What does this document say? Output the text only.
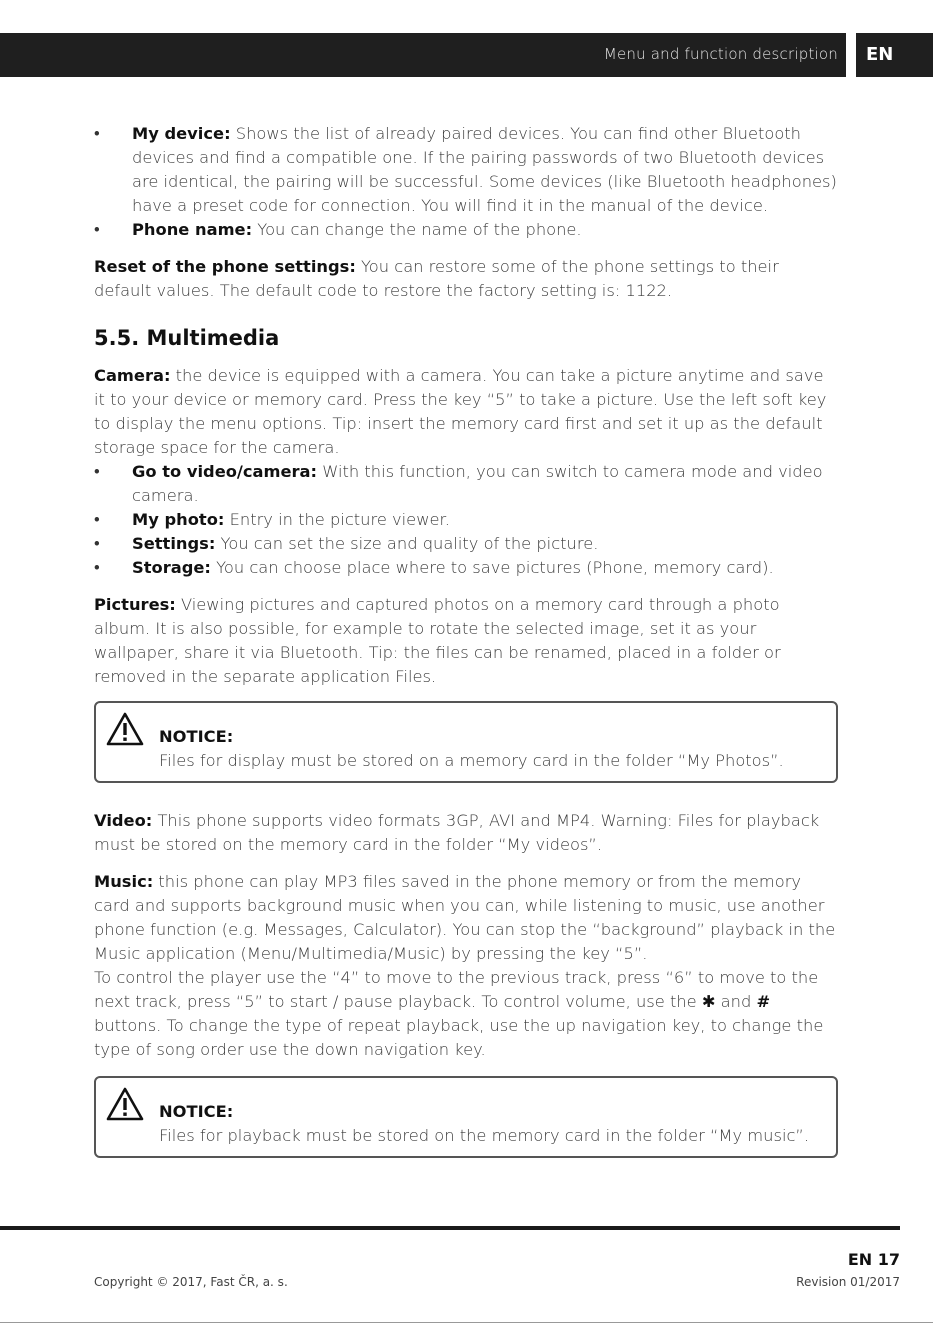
Menu and function description	EN
• My device: Shows the list of already paired devices. You can find other Bluetooth devices and find a compatible one. If the pairing passwords of two Bluetooth devices are identical, the pairing will be successful. Some devices (like Bluetooth headphones) have a preset code for connection. You will find it in the manual of the device.
• Phone name: You can change the name of the phone.

Reset of the phone settings: You can restore some of the phone settings to their default values. The default code to restore the factory setting is: 1122.

5.5. Multimedia

Camera: the device is equipped with a camera. You can take a picture anytime and save it to your device or memory card. Press the key “5” to take a picture. Use the left soft key to display the menu options. Tip: insert the memory card first and set it up as the default storage space for the camera.

• Go to video/camera: With this function, you can switch to camera mode and video camera.
• My photo: Entry in the picture viewer.
• Settings: You can set the size and quality of the picture.
• Storage: You can choose place where to save pictures (Phone, memory card).

Pictures: Viewing pictures and captured photos on a memory card through a photo album. It is also possible, for example to rotate the selected image, set it as your wallpaper, share it via Bluetooth. Tip: the files can be renamed, placed in a folder or removed in the separate application Files.

NOTICE:
Files for display must be stored on a memory card in the folder “My Photos”.

Video: This phone supports video formats 3GP, AVI and MP4. Warning: Files for playback must be stored on the memory card in the folder “My videos”.

Music: this phone can play MP3 files saved in the phone memory or from the memory card and supports background music when you can, while listening to music, use another phone function (e.g. Messages, Calculator). You can stop the “background” playback in the Music application (Menu/Multimedia/Music) by pressing the key “5”.

To control the player use the “4” to move to the previous track, press “6” to move to the next track, press “5” to start / pause playback. To control volume, use the ✱ and # buttons. To change the type of repeat playback, use the up navigation key, to change the type of song order use the down navigation key.

NOTICE:
Files for playback must be stored on the memory card in the folder “My music”.
EN 17
Copyright © 2017, Fast ČR, a. s.	Revision 01/2017
